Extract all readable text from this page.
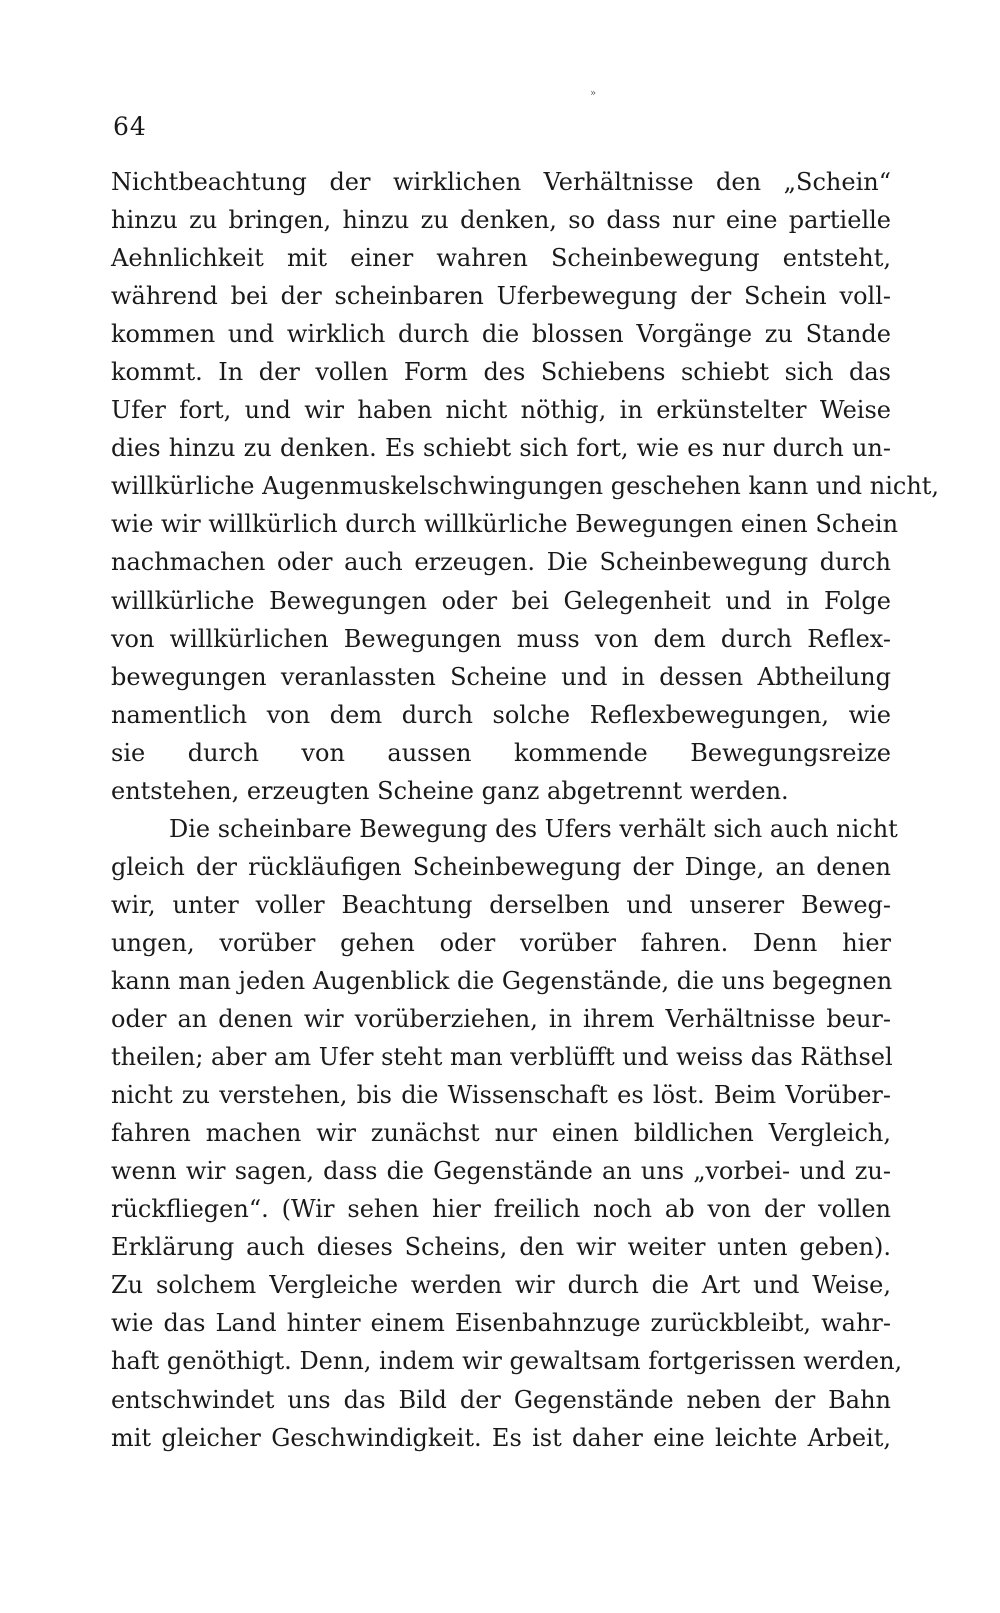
»
64
Nichtbeachtung der wirklichen Verhältnisse den „Schein“
hinzu zu bringen, hinzu zu denken, so dass nur eine partielle
Aehnlichkeit mit einer wahren Scheinbewegung entsteht,
während bei der scheinbaren Uferbewegung der Schein voll-
kommen und wirklich durch die blossen Vorgänge zu Stande
kommt. In der vollen Form des Schiebens schiebt sich das
Ufer fort, und wir haben nicht nöthig, in erkünstelter Weise
dies hinzu zu denken. Es schiebt sich fort, wie es nur durch un-
willkürliche Augenmuskelschwingungen geschehen kann und nicht,
wie wir willkürlich durch willkürliche Bewegungen einen Schein
nachmachen oder auch erzeugen. Die Scheinbewegung durch
willkürliche Bewegungen oder bei Gelegenheit und in Folge
von willkürlichen Bewegungen muss von dem durch Reflex-
bewegungen veranlassten Scheine und in dessen Abtheilung
namentlich von dem durch solche Reflexbewegungen, wie
sie durch von aussen kommende Bewegungsreize
entstehen, erzeugten Scheine ganz abgetrennt werden.
Die scheinbare Bewegung des Ufers verhält sich auch nicht
gleich der rückläufigen Scheinbewegung der Dinge, an denen
wir, unter voller Beachtung derselben und unserer Beweg-
ungen, vorüber gehen oder vorüber fahren. Denn hier
kann man jeden Augenblick die Gegenstände, die uns begegnen
oder an denen wir vorüberziehen, in ihrem Verhältnisse beur-
theilen; aber am Ufer steht man verblüfft und weiss das Räthsel
nicht zu verstehen, bis die Wissenschaft es löst. Beim Vorüber-
fahren machen wir zunächst nur einen bildlichen Vergleich,
wenn wir sagen, dass die Gegenstände an uns „vorbei- und zu-
rückfliegen“. (Wir sehen hier freilich noch ab von der vollen
Erklärung auch dieses Scheins, den wir weiter unten geben).
Zu solchem Vergleiche werden wir durch die Art und Weise,
wie das Land hinter einem Eisenbahnzuge zurückbleibt, wahr-
haft genöthigt. Denn, indem wir gewaltsam fortgerissen werden,
entschwindet uns das Bild der Gegenstände neben der Bahn
mit gleicher Geschwindigkeit. Es ist daher eine leichte Arbeit,
